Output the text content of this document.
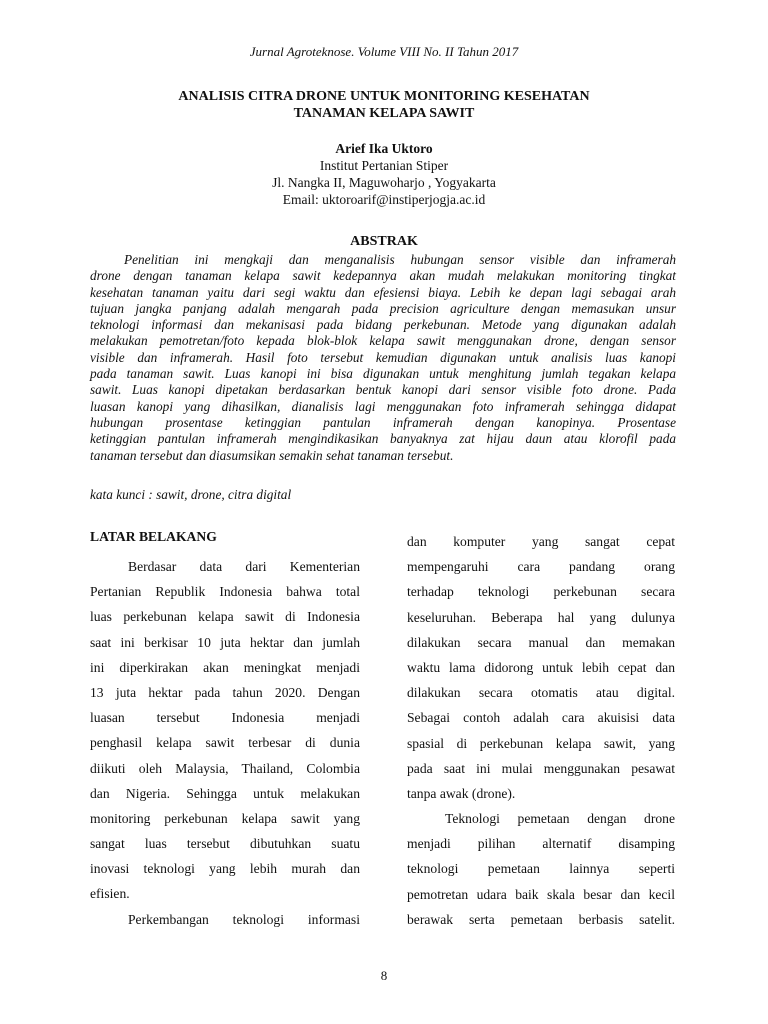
Jurnal Agroteknose. Volume VIII No. II Tahun 2017
ANALISIS CITRA DRONE UNTUK MONITORING KESEHATAN
TANAMAN KELAPA SAWIT
Arief Ika Uktoro
Institut Pertanian Stiper
Jl. Nangka II, Maguwoharjo , Yogyakarta
Email: uktoroarif@instiperjogja.ac.id
ABSTRAK
Penelitian ini mengkaji dan menganalisis hubungan sensor visible dan inframerah
drone dengan tanaman kelapa sawit kedepannya akan mudah melakukan monitoring tingkat
kesehatan tanaman yaitu dari segi waktu dan efesiensi biaya. Lebih ke depan lagi sebagai arah
tujuan jangka panjang adalah mengarah pada precision agriculture dengan memasukan unsur
teknologi informasi dan mekanisasi pada bidang perkebunan. Metode yang digunakan adalah
melakukan pemotretan/foto kepada blok-blok kelapa sawit menggunakan drone, dengan sensor
visible dan inframerah. Hasil foto tersebut kemudian digunakan untuk analisis luas kanopi
pada tanaman sawit. Luas kanopi ini bisa digunakan untuk menghitung jumlah tegakan kelapa
sawit. Luas kanopi dipetakan berdasarkan bentuk kanopi dari sensor visible foto drone. Pada
luasan kanopi yang dihasilkan, dianalisis lagi menggunakan foto inframerah sehingga didapat
hubungan prosentase ketinggian pantulan inframerah dengan kanopinya. Prosentase
ketinggian pantulan inframerah mengindikasikan banyaknya zat hijau daun atau klorofil pada
tanaman tersebut dan diasumsikan semakin sehat tanaman tersebut.
kata kunci : sawit, drone, citra digital
LATAR BELAKANG
Berdasar data dari Kementerian
Pertanian Republik Indonesia bahwa total
luas perkebunan kelapa sawit di Indonesia
saat ini berkisar 10 juta hektar dan jumlah
ini diperkirakan akan meningkat menjadi
13 juta hektar pada tahun 2020. Dengan
luasan tersebut Indonesia menjadi
penghasil kelapa sawit terbesar di dunia
diikuti oleh Malaysia, Thailand, Colombia
dan Nigeria. Sehingga untuk melakukan
monitoring perkebunan kelapa sawit yang
sangat luas tersebut dibutuhkan suatu
inovasi teknologi yang lebih murah dan
efisien.
Perkembangan teknologi informasi
dan komputer yang sangat cepat
mempengaruhi cara pandang orang
terhadap teknologi perkebunan secara
keseluruhan. Beberapa hal yang dulunya
dilakukan secara manual dan memakan
waktu lama didorong untuk lebih cepat dan
dilakukan secara otomatis atau digital.
Sebagai contoh adalah cara akuisisi data
spasial di perkebunan kelapa sawit, yang
pada saat ini mulai menggunakan pesawat
tanpa awak (drone).
Teknologi pemetaan dengan drone
menjadi pilihan alternatif disamping
teknologi pemetaan lainnya seperti
pemotretan udara baik skala besar dan kecil
berawak serta pemetaan berbasis satelit.
8
